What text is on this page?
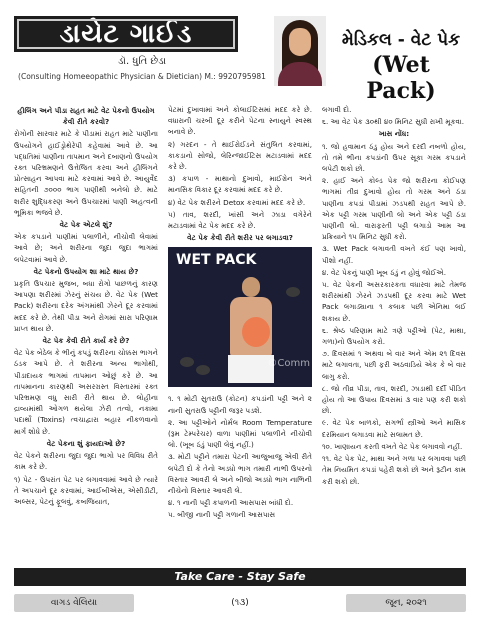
ડાયેટ ગાઈડ
ડૉ. ધુતિ છેડા
(Consulting Homeeopathic Physician & Dietician) M.: 9920795981
મેડિકલ - વેટ પેક
(Wet Pack)
હીલિંગ અને પીડા રાહત માટે વેટ પેકનો ઉપયોગ કેવી રીતે કરવો?

રોગોની સારવાર માટે કે પીડામાં રાહત માટે પાણીના ઉપયોગને હાઈડ્રોથેરેપી કહેવામાં આવે છે. આ પદ્ધતિમાં પાણીના તાપમાન અને દબાણનો ઉપયોગ રક્ત પરિભ્રમણને ઉત્તેજિત કરવા અને હીલિંગને પ્રોત્સાહન આપવા માટે કરવામાં આવે છે. આયુર્વેદ સહિતની ૭૦૦૦ ભાગ પાણીથી બનેલો છે. માટે શરીર શુદ્ધિકરણ અને ઉપચારમાં પાણી અહત્વની ભૂમિકા ભજવે છે.

વેટ પેક એટલે શું?

એક કપડાને પાણીમાં પલાળીને, નીચોવી લેવામાં આવે છે; અને શરીરના જુદા જુદા ભાગમાં લપેટવામાં આવે છે.

વેટ પેકનો ઉપયોગ શા માટે થાય છે?

પ્રકૃતિ ઉપચાર મુજબ, બધા રોગો પાછળનું કારણ આપણા શરીરમાં ઝેરનું સંચય છે. વેટ પેક (Wet Pack) શરીરના દરેક અંગમાંથી ઝેરને દૂર કરવામાં મદદ કરે છે. તેથી પીડા અને રોગમાં સારા પરિણામ પ્રાપ્ત થાય છે.

વેટ પેક કેવી રીતે કાર્ય કરે છે?

વેટ પેક બેઠેલ કે ભીનું કપડું શરીરના ચોક્કસ ભાગને ઠંડક આપે છે. તે શરીરના અન્ય ભાગોથી, પીડાદાયક ભાગમાં તાપમાન ઓછું કરે છે. આ તાપમાનના કારણથી અસરગ્રસ્ત વિસ્તારમાં રક્ત પરિભ્રમણ વધુ સારી રીતે થાય છે. લોહીના દ્રાવ્યમાંથી ઓગળ થયેલા ઝેરી તત્વો, નકામા પદાર્થો (Toxins) ત્વચાદ્વારા બહાર નીકળવાનો માર્ગ શોધે છે.

વેટ પેકના શું ફાયદાઓ છે?

વેટ પેકને શરીરના જુદા જુદા ભાગો પર વિવિધ રીતે કામ કરે છે.

૧) પેટ - ઉપરાંત પેટ પર લગાવવામાં આવે છે ત્યારે તે અપચાને દૂર કરવામાં, આઈબીએસ, એસીડીટી, અલ્સર, પેટનું ફૂલવું, કબજિયાત,

પેટમાં દુખાવામાં અને કોલાઈટિસમાં મદદ કરે છે. વધારાની ચરબી દૂર કરીને પેટના સ્નાયુને સ્વસ્થ બનાવે છે.

૨) ગરદન - તે થાઈરોઈડને સંતુલિત કરવામાં, કાકડાનો સોજો, લેરિન્જાઈટિસ મટાડવામાં મદદ કરે છે.

૩) કપાળ - માથાનો દુખાવો, માઈગ્રેન અને માનસિક વિકાર દૂર કરવામાં મદદ કરે છે.

૪) વેટ પેક શરીરને Detox કરવામાં મદદ કરે છે.

૫) તાવ, શરદી, ખાંસી અને ઝાડા વગેરેને મટાડવામાં વેટ પેક મદદ કરે છે.

વેટ પેક કેવી રીતે શરીર પર લગાડવા?
WET PACK
©Comm

૧. ૧ મોટી સુતરાઉ (કોટન) કપડાંની પટ્ટી અને ૨ નાની સુતરાઉ પટ્ટીની જરૂર પડશે.

૨. આ પટ્ટીઓને નોર્મલ Room Temperature (રૂમ ટેમ્પરેચર) વાળા પાણીમાં પલાળીને નીચોવી લો. (ખૂબ ઠંડું પાણી લેવું નહીં.)

૩. મોટી પટ્ટીને તમારા પેટની આજુબાજુ એવી રીતે લપેટી દો કે તેનો અડધો ભાગ તમારી નાભી ઉપરનો વિસ્તાર આવરી લે અને બીજો અડધો ભાગ નાભિની નીચેનો વિસ્તાર આવરી લે.

૪. ૧ નાની પટ્ટી કપાળની આસપાસ બાંધી દો.

૫. બીજી નાની પટ્ટી ગળાની આસપાસ

લગાવી દો.

૬. આ વેટ પેક ૩૦થી ૪૦ મિનિટ સુધી રાખી મૂકવા.

ખાસ નોંધ:

૧. જો હવામાન ઠંડુ હોય અને દરદી નબળો હોય, તો તમે ભીના કપડાંની ઉપર સૂકા ગરમ કપડાને લપેટી શકો છો.

૨. હાઈ અને કોલ્ડ પેક જો શરીરના કોઈપણ ભાગમાં તીવ્ર દુખાવો હોય તો ગરમ અને ઠંડા પાણીના કપડાં પીડામાં ઝડપથી રાહત આપે છે. એક પટ્ટી ગરમ પાણીની લો અને એક પટ્ટી ઠંડા પાણીની લો. વારાફરતી પટ્ટી લગાડો આમ આ પ્રક્રિયાને ૧૫ મિનિટ સુધી કરો.

૩. Wet Pack લગાવતી વખતે કંઈ પણ ખાવો, પીશો નહીં.

૪. વેટ પેકનું પાણી ખૂબ ઠંડું ન હોવું જોઈએ.

૫. વેટ પેકની અસરકારકતા વધારવા માટે તેમજ શરીરમાંથી ઝેરને ઝડપથી દૂર કરવા માટે Wet Pack લગાડ્યાના ૧ કલાક પછી એનિમા લઈ શકાય છે.

૬. શ્રેષ્ઠ પરિણામ માટે ત્રણે પટ્ટીઓ (પેટ, માથા, ગળા)નો ઉપયોગ કરો.

૭. દિવસમાં ૧ અથવા બે વાર અને એમ ૨૧ દિવસ માટે લગાવતા, પછી ફરી અઠવાડિયે એક કે બે વાર લાગુ કરો.

૮. જો તીવ્ર પીડા, તાવ, શરદી, ઝાડાથી દર્દી પીડિત હોય તો આ ઉપાય દિવસમાં ૩ વાર પણ કરી શકો છો.

૯. વેટ પેક બાળકો, સગર્ભા સ્ત્રીઓ અને માસિક દરમિયાન લગાડવા માટે સલામત છે.

૧૦. ખાણાયન કરતી વખતે વેટ પેક લગાવવો નહીં.

૧૧. વેટ પેક પેટ, માથા અને ગળા પર લગાવવા પછી તેમ નિયમિત કપડાં પહેરી શકો છો અને રૂટીન કામ કરી શકો છો.

Take Care - Stay Safe
વાગડ વેલિયા	(૧૩)	જૂન, ૨૦૨૧
